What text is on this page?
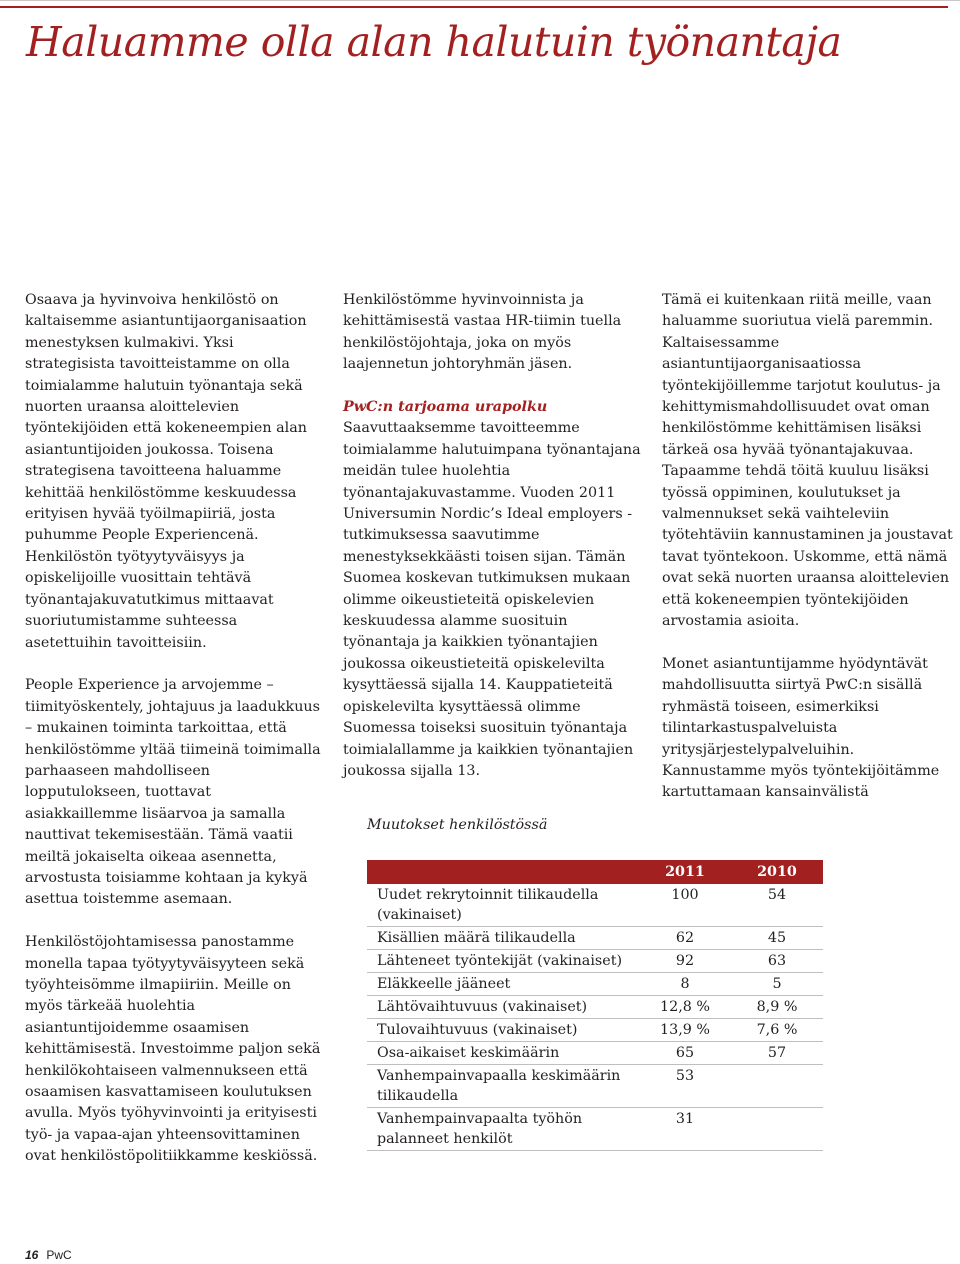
Haluamme olla alan halutuin työnantaja

Osaava ja hyvinvoiva henkilöstö on kaltaisemme asiantuntijaorganisaation menestyksen kulmakivi. Yksi strategisista tavoitteistamme on olla toimialamme halutuin työnantaja sekä nuorten uraansa aloittelevien työntekijöiden että kokeneempien alan asiantuntijoiden joukossa. Toisena strategisena tavoitteena haluamme kehittää henkilöstömme keskuudessa erityisen hyvää työilmapiiriä, josta puhumme People Experiencenä. Henkilöstön työtyytyväisyys ja opiskelijoille vuosittain tehtävä työnantajakuvatutkimus mittaavat suoriutumistamme suhteessa asetettuihin tavoitteisiin.

People Experience ja arvojemme – tiimityöskentely, johtajuus ja laadukkuus – mukainen toiminta tarkoittaa, että henkilöstömme yltää tiimeinä toimimalla parhaaseen mahdolliseen lopputulokseen, tuottavat asiakkaillemme lisäarvoa ja samalla nauttivat tekemisestään. Tämä vaatii meiltä jokaiselta oikeaa asennetta, arvostusta toisiamme kohtaan ja kykyä asettua toistemme asemaan.

Henkilöstöjohtamisessa panostamme monella tapaa työtyytyväisyyteen sekä työyhteisömme ilmapiiriin. Meille on myös tärkeää huolehtia asiantuntijoidemme osaamisen kehittämisestä. Investoimme paljon sekä henkilökohtaiseen valmennukseen että osaamisen kasvattamiseen koulutuksen avulla. Myös työhyvinvointi ja erityisesti työ- ja vapaa-ajan yhteensovittaminen ovat henkilöstöpolitiikkamme keskiössä.

Henkilöstömme hyvinvoinnista ja kehittämisestä vastaa HR-tiimin tuella henkilöstöjohtaja, joka on myös laajennetun johtoryhmän jäsen.

PwC:n tarjoama urapolku

Saavuttaaksemme tavoitteemme toimialamme halutuimpana työnantajana meidän tulee huolehtia työnantajakuvastamme. Vuoden 2011 Universumin Nordic’s Ideal employers -tutkimuksessa saavutimme menestyksekkäästi toisen sijan. Tämän Suomea koskevan tutkimuksen mukaan olimme oikeustieteitä opiskelevien keskuudessa alamme suosituin työnantaja ja kaikkien työnantajien joukossa oikeustieteitä opiskelevilta kysyttäessä sijalla 14. Kauppatieteitä opiskelevilta kysyttäessä olimme Suomessa toiseksi suosituin työnantaja toimialallamme ja kaikkien työnantajien joukossa sijalla 13.

Tämä ei kuitenkaan riitä meille, vaan haluamme suoriutua vielä paremmin. Kaltaisessamme asiantuntijaorganisaatiossa työntekijöillemme tarjotut koulutus- ja kehittymismahdollisuudet ovat oman henkilöstömme kehittämisen lisäksi tärkeä osa hyvää työnantajakuvaa. Tapaamme tehdä töitä kuuluu lisäksi työssä oppiminen, koulutukset ja valmennukset sekä vaihteleviin työtehtäviin kannustaminen ja joustavat tavat työntekoon. Uskomme, että nämä ovat sekä nuorten uraansa aloittelevien että kokeneempien työntekijöiden arvostamia asioita.

Monet asiantuntijamme hyödyntävät mahdollisuutta siirtyä PwC:n sisällä ryhmästä toiseen, esimerkiksi tilintarkastuspalveluista yritysjärjestelypalveluihin. Kannustamme myös työntekijöitämme kartuttamaan kansainvälistä

Muutokset henkilöstössä
	2011	2010
Uudet rekrytoinnit tilikaudella (vakinaiset)	100	54
Kisällien määrä tilikaudella	62	45
Lähteneet työntekijät (vakinaiset)	92	63
Eläkkeelle jääneet	8	5
Lähtövaihtuvuus (vakinaiset)	12,8 %	8,9 %
Tulovaihtuvuus (vakinaiset)	13,9 %	7,6 %
Osa-aikaiset keskimäärin	65	57
Vanhempainvapaalla keskimäärin tilikaudella	53	
Vanhempainvapaalta työhön palanneet henkilöt	31	
16 PwC
